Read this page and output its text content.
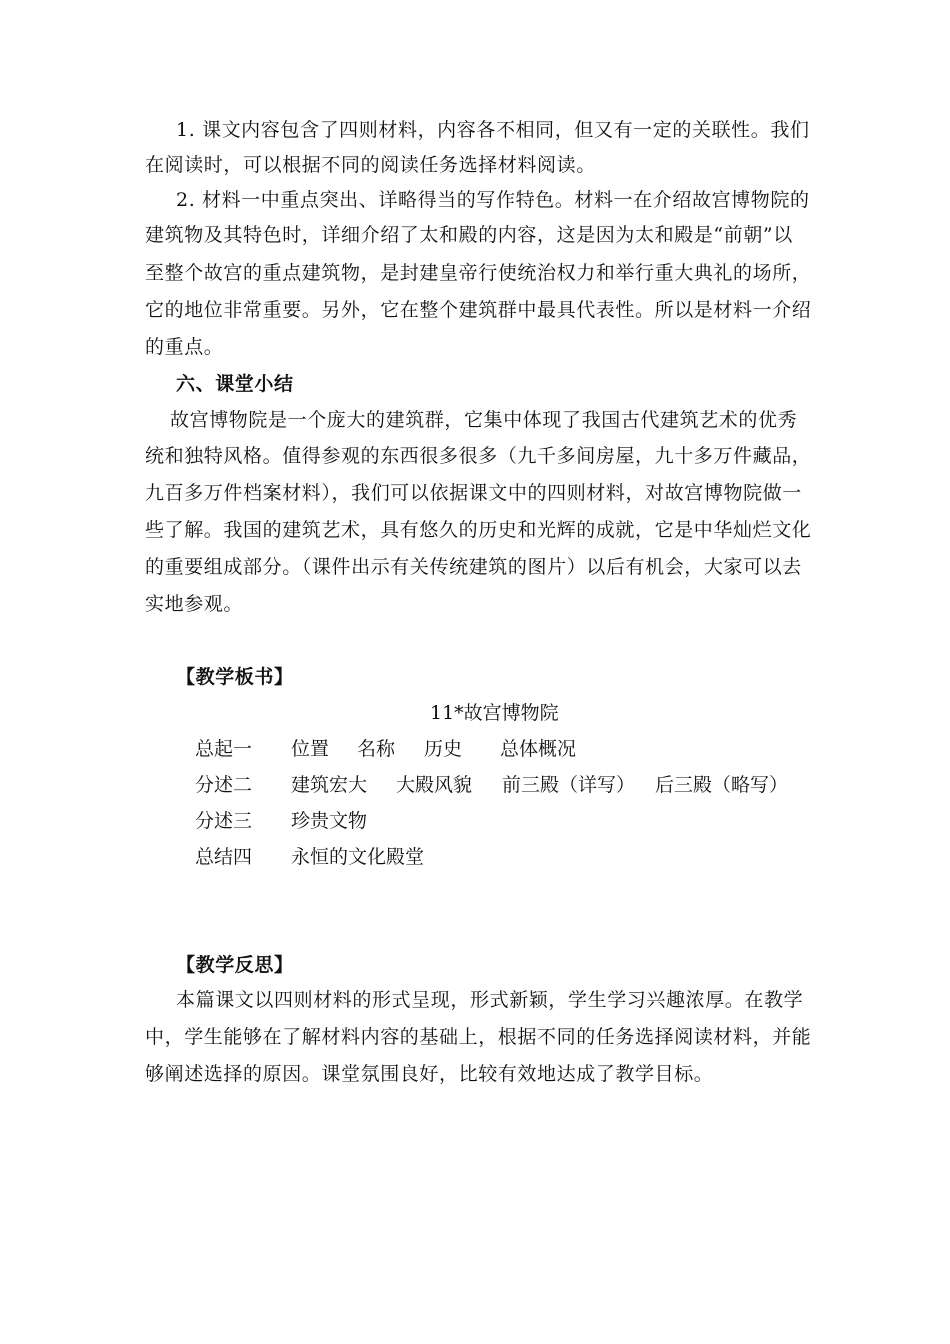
1. 课文内容包含了四则材料，内容各不相同，但又有一定的关联性。我们
在阅读时，可以根据不同的阅读任务选择材料阅读。
2. 材料一中重点突出、详略得当的写作特色。材料一在介绍故宫博物院的
建筑物及其特色时，详细介绍了太和殿的内容，这是因为太和殿是“前朝”以
至整个故宫的重点建筑物，是封建皇帝行使统治权力和举行重大典礼的场所，
它的地位非常重要。另外，它在整个建筑群中最具代表性。所以是材料一介绍
的重点。
六、课堂小结
故宫博物院是一个庞大的建筑群，它集中体现了我国古代建筑艺术的优秀
统和独特风格。值得参观的东西很多很多（九千多间房屋，九十多万件藏品，
九百多万件档案材料），我们可以依据课文中的四则材料，对故宫博物院做一
些了解。我国的建筑艺术，具有悠久的历史和光辉的成就，它是中华灿烂文化
的重要组成部分。（课件出示有关传统建筑的图片）以后有机会，大家可以去
实地参观。
【教学板书】
11*故宫博物院
总起一 位置 名称 历史 总体概况
分述二 建筑宏大 大殿风貌 前三殿（详写） 后三殿（略写）
分述三 珍贵文物
总结四 永恒的文化殿堂
【教学反思】
本篇课文以四则材料的形式呈现，形式新颖，学生学习兴趣浓厚。在教学
中，学生能够在了解材料内容的基础上，根据不同的任务选择阅读材料，并能
够阐述选择的原因。课堂氛围良好，比较有效地达成了教学目标。
